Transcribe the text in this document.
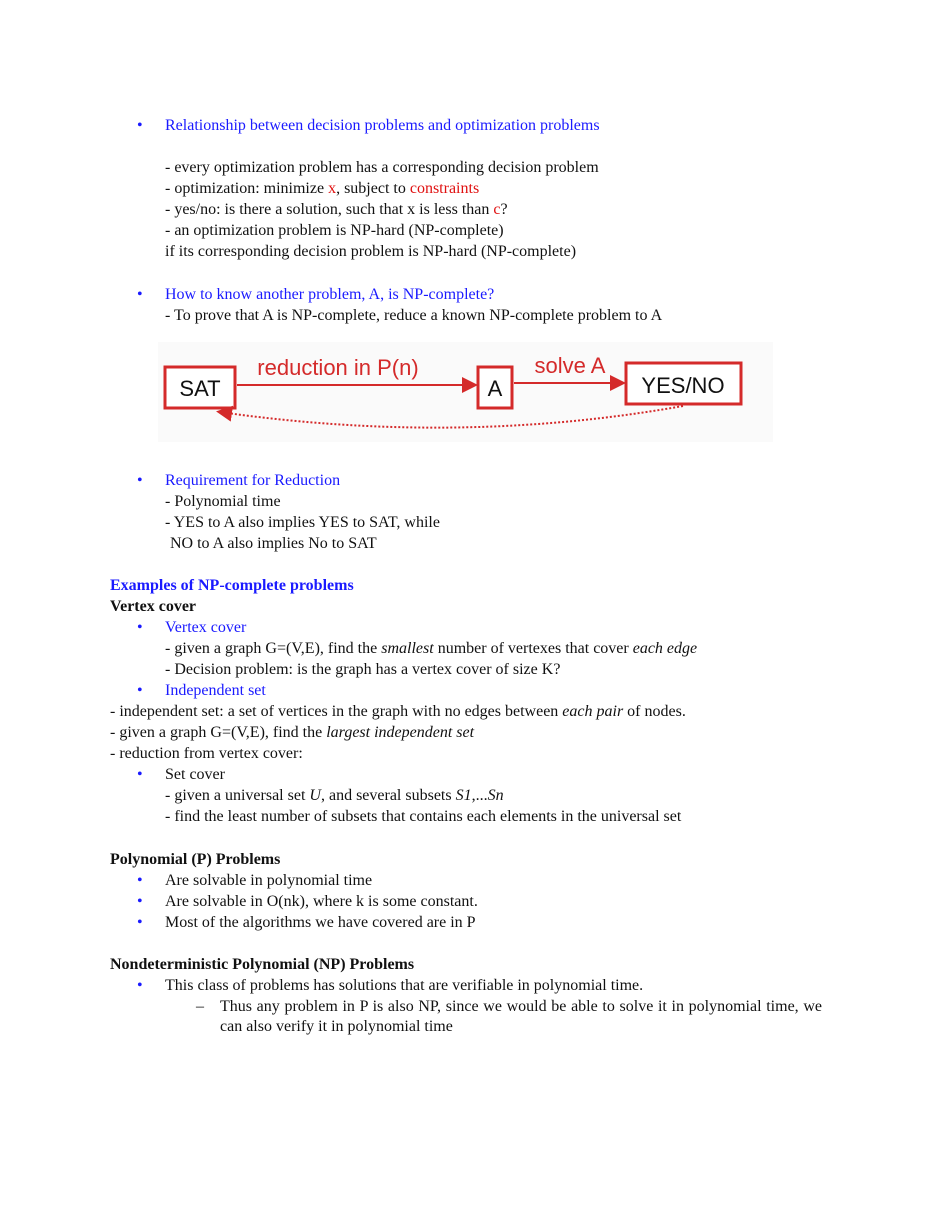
• Relationship between decision problems and optimization problems
- every optimization problem has a corresponding decision problem
- optimization: minimize x, subject to constraints
- yes/no: is there a solution, such that x is less than c?
- an optimization problem is NP-hard (NP-complete)
if its corresponding decision problem is NP-hard (NP-complete)
• How to know another problem, A, is NP-complete?
- To prove that A is NP-complete, reduce a known NP-complete problem to A
SAT
reduction in P(n)
A
solve A
YES/NO
• Requirement for Reduction
- Polynomial time
- YES to A also implies YES to SAT, while
NO to A also implies No to SAT
Examples of NP-complete problems
Vertex cover
• Vertex cover
- given a graph G=(V,E), find the smallest number of vertexes that cover each edge
- Decision problem: is the graph has a vertex cover of size K?
• Independent set
- independent set: a set of vertices in the graph with no edges between each pair of nodes.
- given a graph G=(V,E), find the largest independent set
- reduction from vertex cover:
• Set cover
- given a universal set U, and several subsets S1,...Sn
- find the least number of subsets that contains each elements in the universal set
Polynomial (P) Problems
• Are solvable in polynomial time
• Are solvable in O(nk), where k is some constant.
• Most of the algorithms we have covered are in P
Nondeterministic Polynomial (NP) Problems
• This class of problems has solutions that are verifiable in polynomial time.
– Thus any problem in P is also NP, since we would be able to solve it in polynomial time, we can also verify it in polynomial time
